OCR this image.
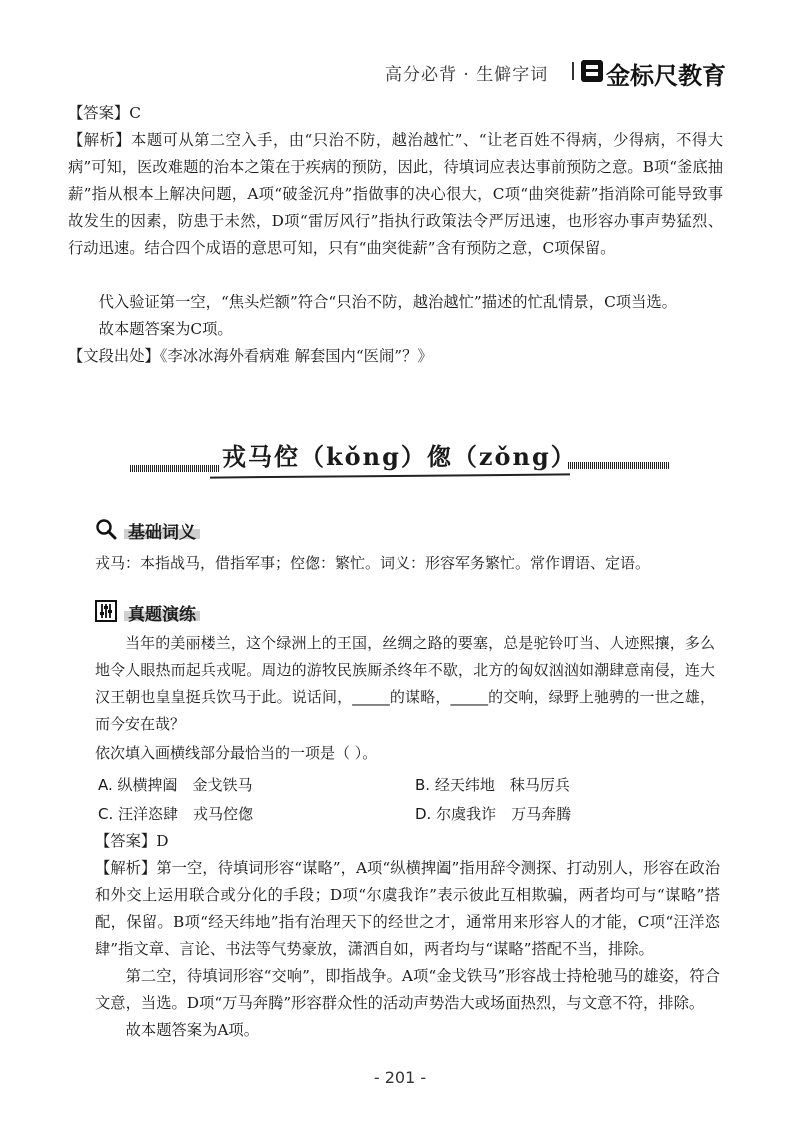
高分必背 · 生僻字词 金标尺教育

【答案】C

【解析】本题可从第二空入手，由“只治不防，越治越忙”、“让老百姓不得病，少得病，不得大病”可知，医改难题的治本之策在于疾病的预防，因此，待填词应表达事前预防之意。B项“釜底抽薪”指从根本上解决问题，A项“破釜沉舟”指做事的决心很大，C项“曲突徙薪”指消除可能导致事故发生的因素，防患于未然，D项“雷厉风行”指执行政策法令严厉迅速，也形容办事声势猛烈、行动迅速。结合四个成语的意思可知，只有“曲突徙薪”含有预防之意，C项保留。

代入验证第一空，“焦头烂额”符合“只治不防，越治越忙”描述的忙乱情景，C项当选。

故本题答案为C项。

【文段出处】《李冰冰海外看病难 解套国内“医闹”？》

戎马倥（kǒng）偬（zǒng）
基础词义

戎马：本指战马，借指军事；倥偬：繁忙。词义：形容军务繁忙。常作谓语、定语。

真题演练

当年的美丽楼兰，这个绿洲上的王国，丝绸之路的要塞，总是驼铃叮当、人迹熙攘，多么地令人眼热而起兵戎呢。周边的游牧民族厮杀终年不歇，北方的匈奴汹汹如潮肆意南侵，连大汉王朝也皇皇挺兵饮马于此。说话间，_____的谋略，_____的交响，绿野上驰骋的一世之雄，而今安在哉？

依次填入画横线部分最恰当的一项是（ ）。

A. 纵横捭阖　金戈铁马	B. 经天纬地　秣马厉兵
C. 汪洋恣肆　戎马倥偬	D. 尔虞我诈　万马奔腾

【答案】D

【解析】第一空，待填词形容“谋略”，A项“纵横捭阖”指用辞令测探、打动别人，形容在政治和外交上运用联合或分化的手段；D项“尔虞我诈”表示彼此互相欺骗，两者均可与“谋略”搭配，保留。B项“经天纬地”指有治理天下的经世之才，通常用来形容人的才能，C项“汪洋恣肆”指文章、言论、书法等气势豪放，潇洒自如，两者均与“谋略”搭配不当，排除。

第二空，待填词形容“交响”，即指战争。A项“金戈铁马”形容战士持枪驰马的雄姿，符合文意，当选。D项“万马奔腾”形容群众性的活动声势浩大或场面热烈，与文意不符，排除。

故本题答案为A项。

- 201 -
